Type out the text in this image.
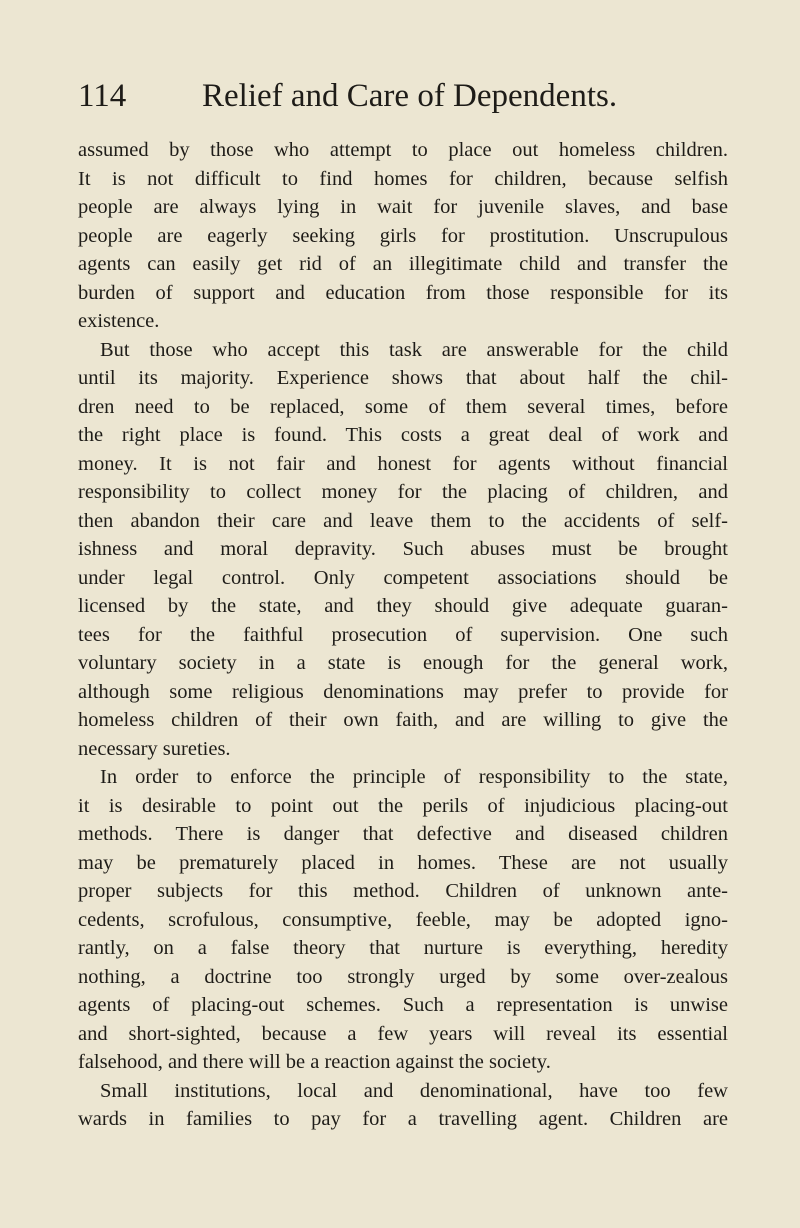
114 Relief and Care of Dependents.
assumed by those who attempt to place out homeless children.
It is not difficult to find homes for children, because selfish
people are always lying in wait for juvenile slaves, and base
people are eagerly seeking girls for prostitution. Unscrupulous
agents can easily get rid of an illegitimate child and transfer the
burden of support and education from those responsible for its
existence.
But those who accept this task are answerable for the child
until its majority. Experience shows that about half the chil-
dren need to be replaced, some of them several times, before
the right place is found. This costs a great deal of work and
money. It is not fair and honest for agents without financial
responsibility to collect money for the placing of children, and
then abandon their care and leave them to the accidents of self-
ishness and moral depravity. Such abuses must be brought
under legal control. Only competent associations should be
licensed by the state, and they should give adequate guaran-
tees for the faithful prosecution of supervision. One such
voluntary society in a state is enough for the general work,
although some religious denominations may prefer to provide for
homeless children of their own faith, and are willing to give the
necessary sureties.
In order to enforce the principle of responsibility to the state,
it is desirable to point out the perils of injudicious placing-out
methods. There is danger that defective and diseased children
may be prematurely placed in homes. These are not usually
proper subjects for this method. Children of unknown ante-
cedents, scrofulous, consumptive, feeble, may be adopted igno-
rantly, on a false theory that nurture is everything, heredity
nothing, a doctrine too strongly urged by some over-zealous
agents of placing-out schemes. Such a representation is unwise
and short-sighted, because a few years will reveal its essential
falsehood, and there will be a reaction against the society.
Small institutions, local and denominational, have too few
wards in families to pay for a travelling agent. Children are
